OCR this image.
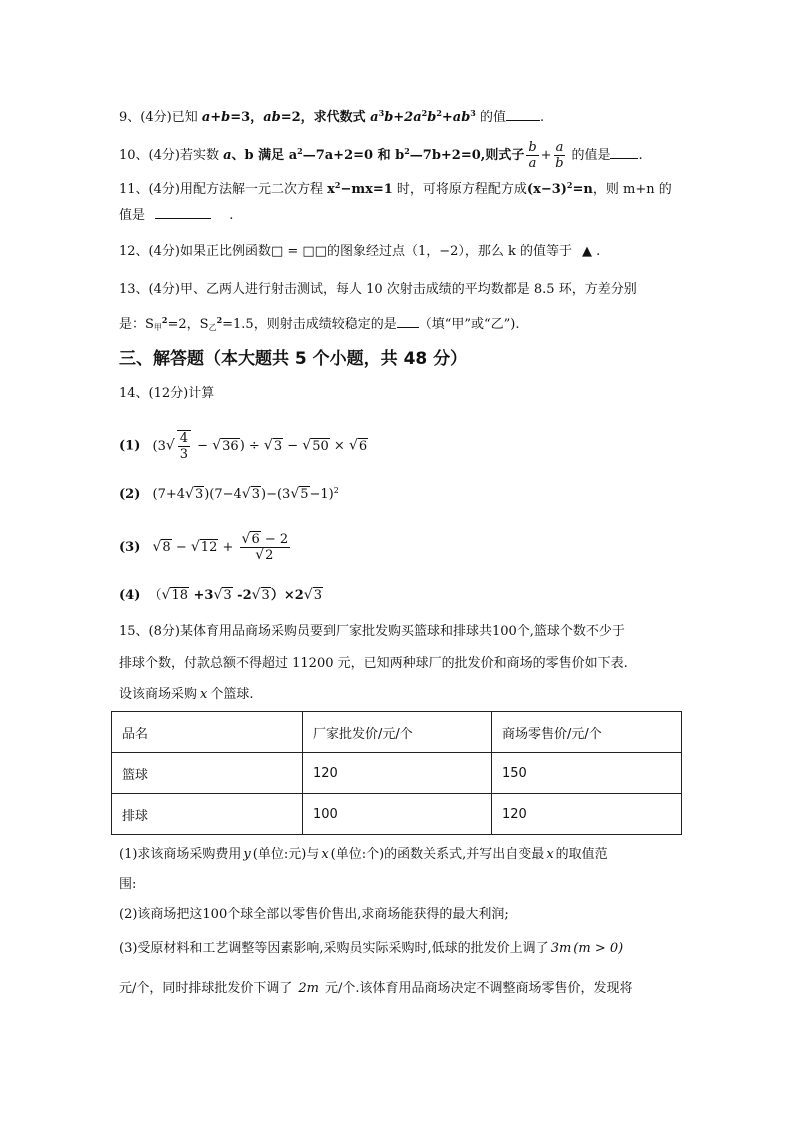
9、(4分)已知 a+b=3，ab=2，求代数式 $a^3b+2a^2b^2+ab^3$ 的值	.
10、(4分)若实数 a、b 满足 $a^2—7a+2=0$ 和 $b^2—7b+2=0$,则式子 $\frac{b}{a} + \frac{a}{b}$ 的值是 .
11、(4分)用配方法解一元二次方程 $x^2-mx=1$ 时，可将原方程配方成$(x-3)^2=n$，则 m+n 的
值是	.
12、(4分)如果正比例函数□ = □□的图象经过点（1，−2），那么 k 的值等于 ▲ .
13、(4分)甲、乙两人进行射击测试，每人 10 次射击成绩的平均数都是 8.5 环，方差分别
是：$S_甲^2=2$，$S_乙^2=1.5$，则射击成绩较稳定的是 （填“甲”或“乙”).
三、解答题（本大题共 5 个小题，共 48 分）
14、(12分)计算
(1) $(3√ \frac{4}{3} - √36) \div √3 - √50 \times √6$
(2) $(7+4√3)(7-4√3)-(3√5-1)^2$
(3) $√8 - √12 + \frac{√6 - 2}{√2}$
(4) （√18 +3√3 -2√3）×2√3
15、(8分)某体育用品商场采购员要到厂家批发购买篮球和排球共100个,篮球个数不少于
排球个数，付款总额不得超过 11200 元，已知两种球厂的批发价和商场的零售价如下表.
设该商场采购 x 个篮球.
品名	厂家批发价/元/个	商场零售价/元/个
篮球	120	150
排球	100	120
(1)求该商场采购费用 y (单位:元)与 x (单位:个)的函数关系式,并写出自变最 x 的取值范
围:
(2)该商场把这100个球全部以零售价售出,求商场能获得的最大利润;
(3)受原材料和工艺调整等因素影响,采购员实际采购时,低球的批发价上调了 3m (m > 0)
元/个，同时排球批发价下调了 2m 元/个.该体育用品商场决定不调整商场零售价，发现将
